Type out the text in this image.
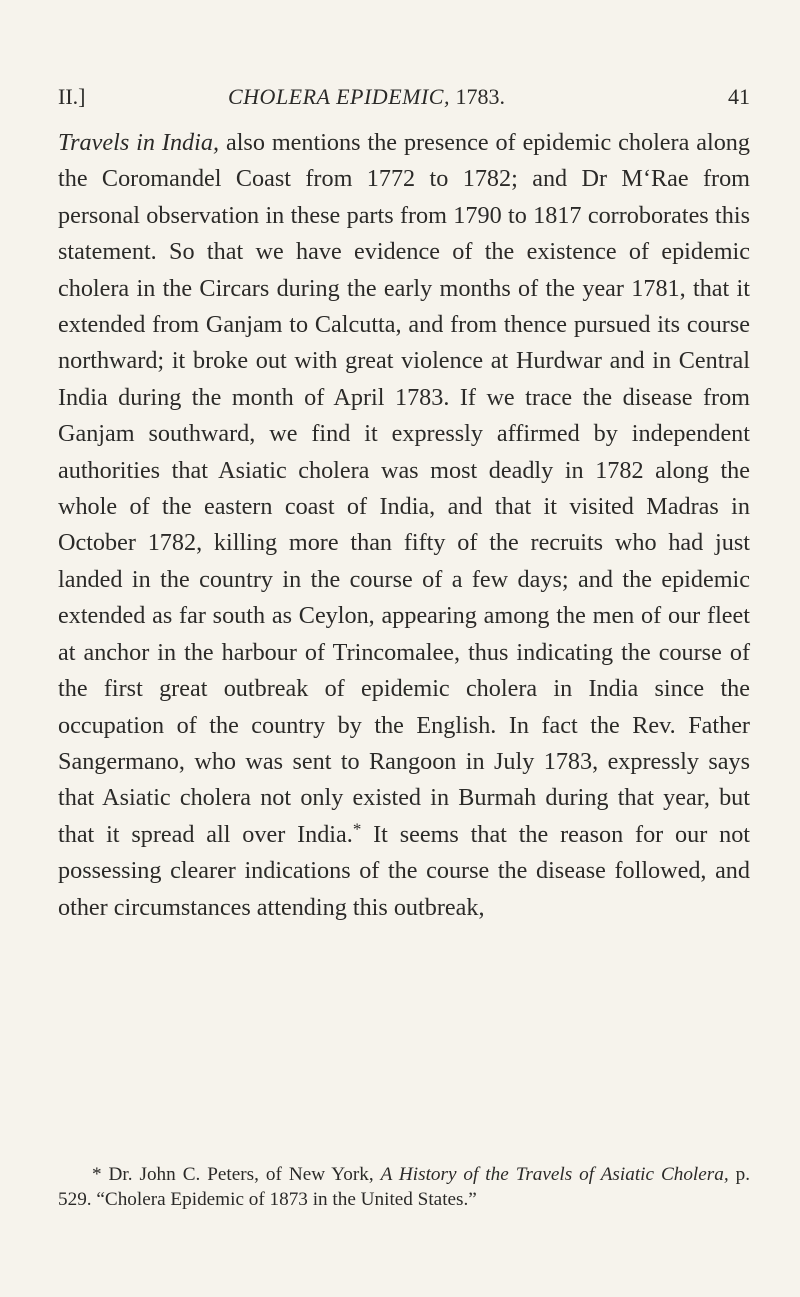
II.]	CHOLERA EPIDEMIC, 1783.	41

Travels in India, also mentions the presence of epidemic cholera along the Coromandel Coast from 1772 to 1782; and Dr M‘Rae from personal observation in these parts from 1790 to 1817 corroborates this statement. So that we have evidence of the existence of epidemic cholera in the Circars during the early months of the year 1781, that it extended from Ganjam to Calcutta, and from thence pursued its course northward; it broke out with great violence at Hurdwar and in Central India during the month of April 1783. If we trace the disease from Ganjam southward, we find it expressly affirmed by independent authorities that Asiatic cholera was most deadly in 1782 along the whole of the eastern coast of India, and that it visited Madras in October 1782, killing more than fifty of the recruits who had just landed in the country in the course of a few days; and the epidemic extended as far south as Ceylon, appearing among the men of our fleet at anchor in the harbour of Trincomalee, thus indicating the course of the first great outbreak of epidemic cholera in India since the occupation of the country by the English. In fact the Rev. Father Sangermano, who was sent to Rangoon in July 1783, expressly says that Asiatic cholera not only existed in Burmah during that year, but that it spread all over India.* It seems that the reason for our not possessing clearer indications of the course the disease followed, and other circumstances attending this outbreak,

* Dr. John C. Peters, of New York, A History of the Travels of Asiatic Cholera, p. 529. “Cholera Epidemic of 1873 in the United States.”
